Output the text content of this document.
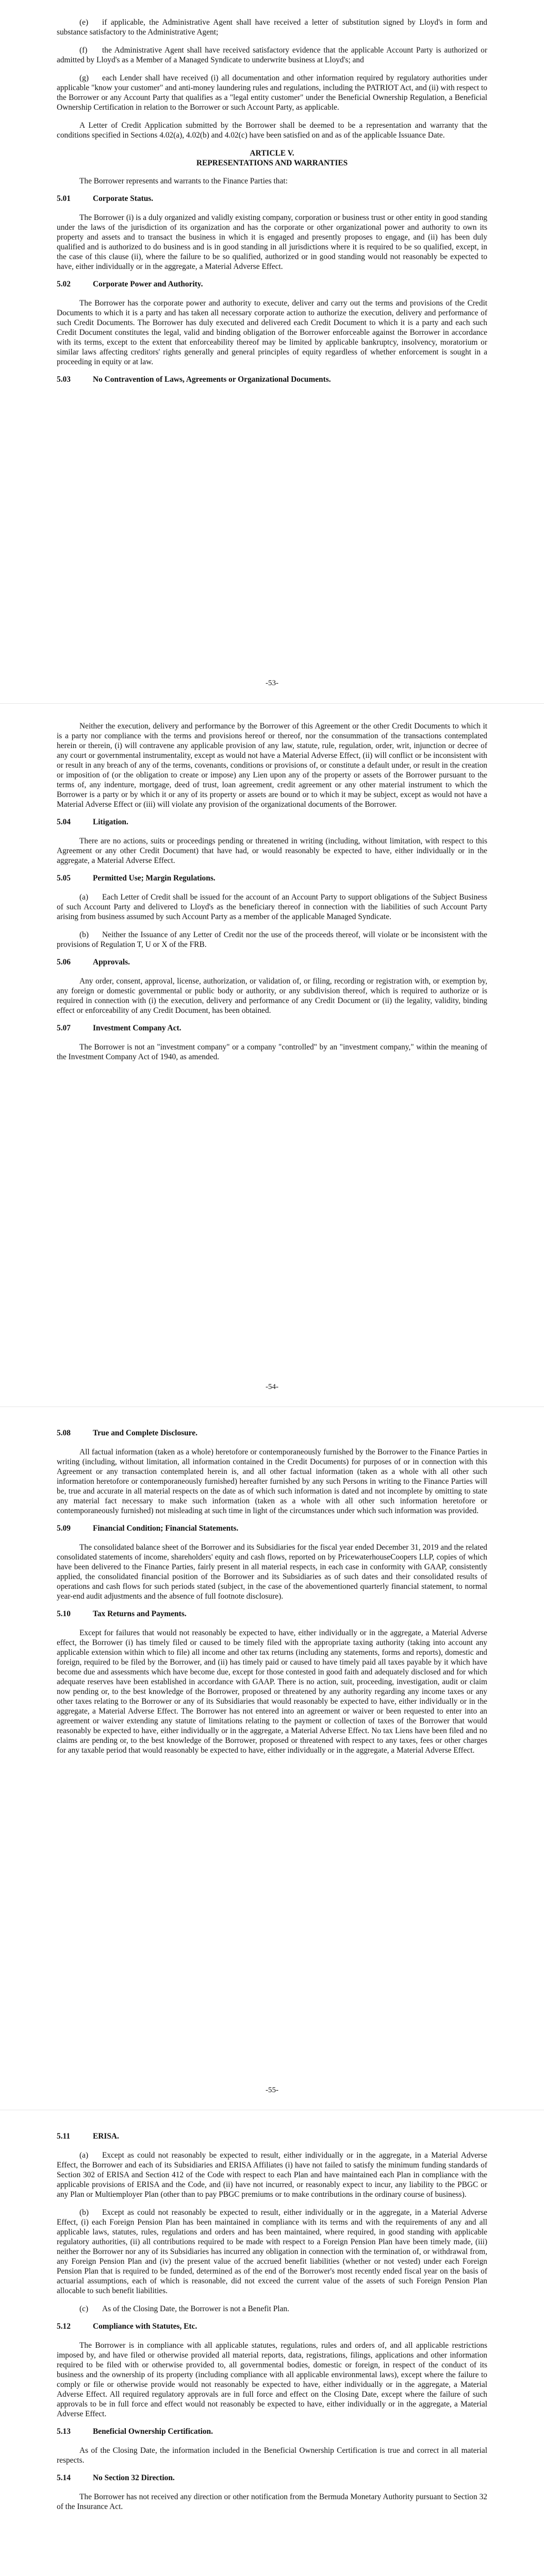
(e) if applicable, the Administrative Agent shall have received a letter of substitution signed by Lloyd's in form and substance satisfactory to the Administrative Agent;

(f) the Administrative Agent shall have received satisfactory evidence that the applicable Account Party is authorized or admitted by Lloyd's as a Member of a Managed Syndicate to underwrite business at Lloyd's; and

(g) each Lender shall have received (i) all documentation and other information required by regulatory authorities under applicable "know your customer" and anti-money laundering rules and regulations, including the PATRIOT Act, and (ii) with respect to the Borrower or any Account Party that qualifies as a "legal entity customer" under the Beneficial Ownership Regulation, a Beneficial Ownership Certification in relation to the Borrower or such Account Party, as applicable.

A Letter of Credit Application submitted by the Borrower shall be deemed to be a representation and warranty that the conditions specified in Sections 4.02(a), 4.02(b) and 4.02(c) have been satisfied on and as of the applicable Issuance Date.

ARTICLE V.
REPRESENTATIONS AND WARRANTIES

The Borrower represents and warrants to the Finance Parties that:

5.01	Corporate Status.

The Borrower (i) is a duly organized and validly existing company, corporation or business trust or other entity in good standing under the laws of the jurisdiction of its organization and has the corporate or other organizational power and authority to own its property and assets and to transact the business in which it is engaged and presently proposes to engage, and (ii) has been duly qualified and is authorized to do business and is in good standing in all jurisdictions where it is required to be so qualified, except, in the case of this clause (ii), where the failure to be so qualified, authorized or in good standing would not reasonably be expected to have, either individually or in the aggregate, a Material Adverse Effect.

5.02	Corporate Power and Authority.

The Borrower has the corporate power and authority to execute, deliver and carry out the terms and provisions of the Credit Documents to which it is a party and has taken all necessary corporate action to authorize the execution, delivery and performance of such Credit Documents. The Borrower has duly executed and delivered each Credit Document to which it is a party and each such Credit Document constitutes the legal, valid and binding obligation of the Borrower enforceable against the Borrower in accordance with its terms, except to the extent that enforceability thereof may be limited by applicable bankruptcy, insolvency, moratorium or similar laws affecting creditors' rights generally and general principles of equity regardless of whether enforcement is sought in a proceeding in equity or at law.

5.03	No Contravention of Laws, Agreements or Organizational Documents.
-53-

Neither the execution, delivery and performance by the Borrower of this Agreement or the other Credit Documents to which it is a party nor compliance with the terms and provisions hereof or thereof, nor the consummation of the transactions contemplated herein or therein, (i) will contravene any applicable provision of any law, statute, rule, regulation, order, writ, injunction or decree of any court or governmental instrumentality, except as would not have a Material Adverse Effect, (ii) will conflict or be inconsistent with or result in any breach of any of the terms, covenants, conditions or provisions of, or constitute a default under, or result in the creation or imposition of (or the obligation to create or impose) any Lien upon any of the property or assets of the Borrower pursuant to the terms of, any indenture, mortgage, deed of trust, loan agreement, credit agreement or any other material instrument to which the Borrower is a party or by which it or any of its property or assets are bound or to which it may be subject, except as would not have a Material Adverse Effect or (iii) will violate any provision of the organizational documents of the Borrower.

5.04	Litigation.

There are no actions, suits or proceedings pending or threatened in writing (including, without limitation, with respect to this Agreement or any other Credit Document) that have had, or would reasonably be expected to have, either individually or in the aggregate, a Material Adverse Effect.

5.05	Permitted Use; Margin Regulations.

(a) Each Letter of Credit shall be issued for the account of an Account Party to support obligations of the Subject Business of such Account Party and delivered to Lloyd's as the beneficiary thereof in connection with the liabilities of such Account Party arising from business assumed by such Account Party as a member of the applicable Managed Syndicate.

(b) Neither the Issuance of any Letter of Credit nor the use of the proceeds thereof, will violate or be inconsistent with the provisions of Regulation T, U or X of the FRB.

5.06	Approvals.

Any order, consent, approval, license, authorization, or validation of, or filing, recording or registration with, or exemption by, any foreign or domestic governmental or public body or authority, or any subdivision thereof, which is required to authorize or is required in connection with (i) the execution, delivery and performance of any Credit Document or (ii) the legality, validity, binding effect or enforceability of any Credit Document, has been obtained.

5.07	Investment Company Act.

The Borrower is not an "investment company" or a company "controlled" by an "investment company," within the meaning of the Investment Company Act of 1940, as amended.

-54-
5.08	True and Complete Disclosure.

All factual information (taken as a whole) heretofore or contemporaneously furnished by the Borrower to the Finance Parties in writing (including, without limitation, all information contained in the Credit Documents) for purposes of or in connection with this Agreement or any transaction contemplated herein is, and all other factual information (taken as a whole with all other such information heretofore or contemporaneously furnished) hereafter furnished by any such Persons in writing to the Finance Parties will be, true and accurate in all material respects on the date as of which such information is dated and not incomplete by omitting to state any material fact necessary to make such information (taken as a whole with all other such information heretofore or contemporaneously furnished) not misleading at such time in light of the circumstances under which such information was provided.

5.09	Financial Condition; Financial Statements.

The consolidated balance sheet of the Borrower and its Subsidiaries for the fiscal year ended December 31, 2019 and the related consolidated statements of income, shareholders' equity and cash flows, reported on by PricewaterhouseCoopers LLP, copies of which have been delivered to the Finance Parties, fairly present in all material respects, in each case in conformity with GAAP, consistently applied, the consolidated financial position of the Borrower and its Subsidiaries as of such dates and their consolidated results of operations and cash flows for such periods stated (subject, in the case of the abovementioned quarterly financial statement, to normal year-end audit adjustments and the absence of full footnote disclosure).

5.10	Tax Returns and Payments.

Except for failures that would not reasonably be expected to have, either individually or in the aggregate, a Material Adverse effect, the Borrower (i) has timely filed or caused to be timely filed with the appropriate taxing authority (taking into account any applicable extension within which to file) all income and other tax returns (including any statements, forms and reports), domestic and foreign, required to be filed by the Borrower, and (ii) has timely paid or caused to have timely paid all taxes payable by it which have become due and assessments which have become due, except for those contested in good faith and adequately disclosed and for which adequate reserves have been established in accordance with GAAP. There is no action, suit, proceeding, investigation, audit or claim now pending or, to the best knowledge of the Borrower, proposed or threatened by any authority regarding any income taxes or any other taxes relating to the Borrower or any of its Subsidiaries that would reasonably be expected to have, either individually or in the aggregate, a Material Adverse Effect. The Borrower has not entered into an agreement or waiver or been requested to enter into an agreement or waiver extending any statute of limitations relating to the payment or collection of taxes of the Borrower that would reasonably be expected to have, either individually or in the aggregate, a Material Adverse Effect. No tax Liens have been filed and no claims are pending or, to the best knowledge of the Borrower, proposed or threatened with respect to any taxes, fees or other charges for any taxable period that would reasonably be expected to have, either individually or in the aggregate, a Material Adverse Effect.

-55-
5.11	ERISA.

(a) Except as could not reasonably be expected to result, either individually or in the aggregate, in a Material Adverse Effect, the Borrower and each of its Subsidiaries and ERISA Affiliates (i) have not failed to satisfy the minimum funding standards of Section 302 of ERISA and Section 412 of the Code with respect to each Plan and have maintained each Plan in compliance with the applicable provisions of ERISA and the Code, and (ii) have not incurred, or reasonably expect to incur, any liability to the PBGC or any Plan or Multiemployer Plan (other than to pay PBGC premiums or to make contributions in the ordinary course of business).

(b) Except as could not reasonably be expected to result, either individually or in the aggregate, in a Material Adverse Effect, (i) each Foreign Pension Plan has been maintained in compliance with its terms and with the requirements of any and all applicable laws, statutes, rules, regulations and orders and has been maintained, where required, in good standing with applicable regulatory authorities, (ii) all contributions required to be made with respect to a Foreign Pension Plan have been timely made, (iii) neither the Borrower nor any of its Subsidiaries has incurred any obligation in connection with the termination of, or withdrawal from, any Foreign Pension Plan and (iv) the present value of the accrued benefit liabilities (whether or not vested) under each Foreign Pension Plan that is required to be funded, determined as of the end of the Borrower's most recently ended fiscal year on the basis of actuarial assumptions, each of which is reasonable, did not exceed the current value of the assets of such Foreign Pension Plan allocable to such benefit liabilities.

(c) As of the Closing Date, the Borrower is not a Benefit Plan.

5.12	Compliance with Statutes, Etc.

The Borrower is in compliance with all applicable statutes, regulations, rules and orders of, and all applicable restrictions imposed by, and have filed or otherwise provided all material reports, data, registrations, filings, applications and other information required to be filed with or otherwise provided to, all governmental bodies, domestic or foreign, in respect of the conduct of its business and the ownership of its property (including compliance with all applicable environmental laws), except where the failure to comply or file or otherwise provide would not reasonably be expected to have, either individually or in the aggregate, a Material Adverse Effect. All required regulatory approvals are in full force and effect on the Closing Date, except where the failure of such approvals to be in full force and effect would not reasonably be expected to have, either individually or in the aggregate, a Material Adverse Effect.

5.13	Beneficial Ownership Certification.

As of the Closing Date, the information included in the Beneficial Ownership Certification is true and correct in all material respects.

5.14	No Section 32 Direction.

The Borrower has not received any direction or other notification from the Bermuda Monetary Authority pursuant to Section 32 of the Insurance Act.
